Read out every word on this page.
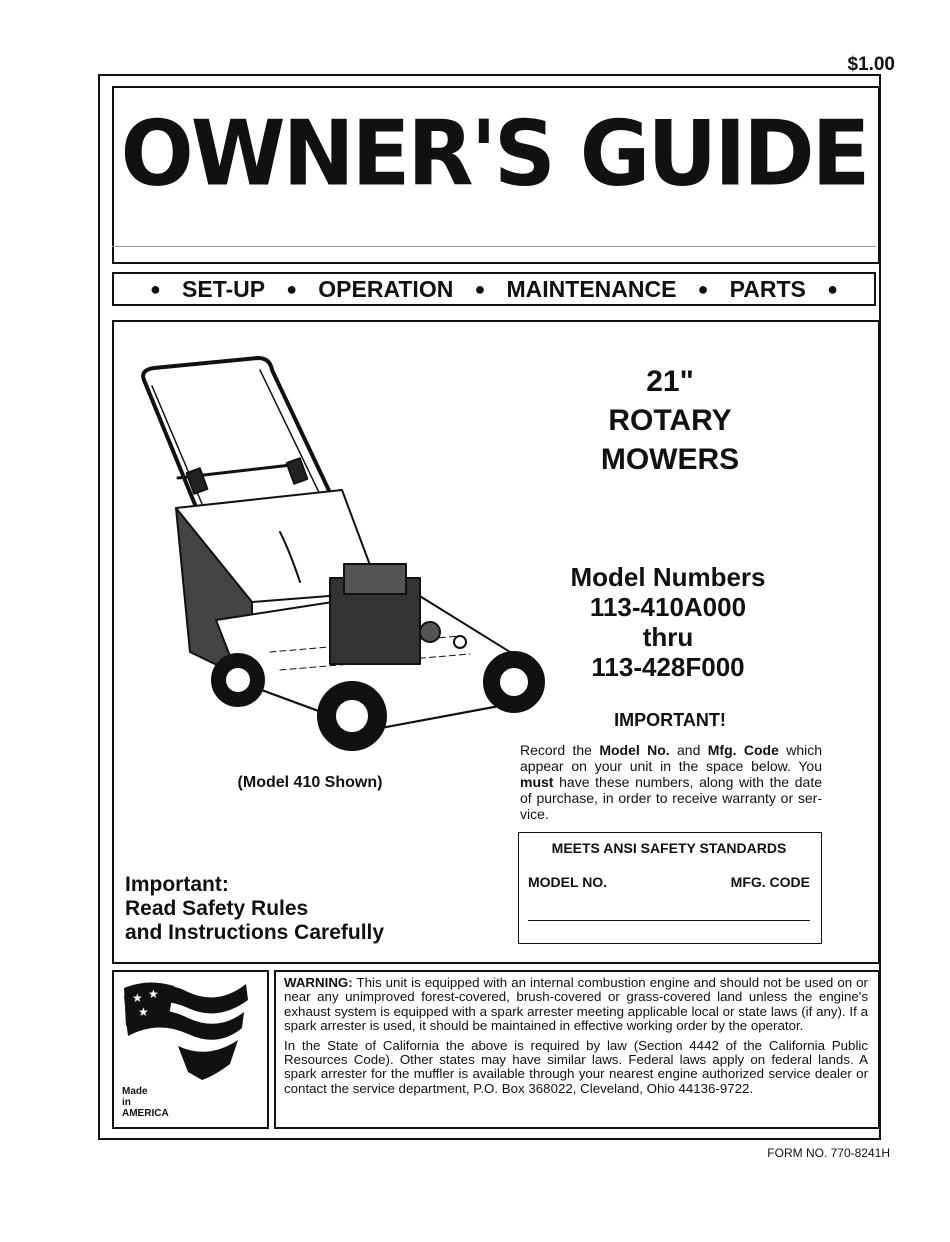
$1.00
OWNER'S GUIDE
● SET-UP ● OPERATION ● MAINTENANCE ● PARTS ●
21"
ROTARY
MOWERS
Model Numbers
113-410A000
thru
113-428F000
IMPORTANT!
Record the Model No. and Mfg. Code which appear on your unit in the space below. You must have these numbers, along with the date of purchase, in order to receive warranty or ser- vice.
(Model 410 Shown)
MEETS ANSI SAFETY STANDARDS
MODEL NO.	MFG. CODE
Important:
Read Safety Rules
and Instructions Carefully
★ ★
★
Made
in
AMERICA

WARNING: This unit is equipped with an internal combustion engine and should not be used on or near any unimproved forest-covered, brush-covered or grass-covered land unless the engine's exhaust system is equipped with a spark arrester meeting applicable local or state laws (if any). If a spark arrester is used, it should be maintained in effective working order by the operator.

In the State of California the above is required by law (Section 4442 of the California Public Resources Code). Other states may have similar laws. Federal laws apply on federal lands. A spark arrester for the muffler is available through your nearest engine authorized service dealer or contact the service department, P.O. Box 368022, Cleveland, Ohio 44136-9722.

FORM NO. 770-8241H
